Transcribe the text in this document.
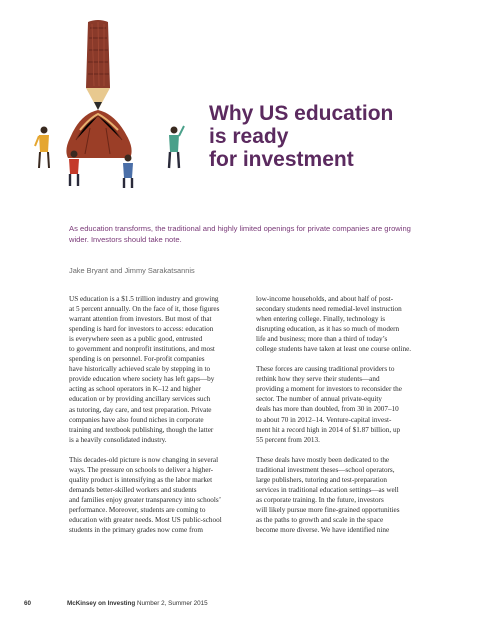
Why US education
is ready
for investment
As education transforms, the traditional and highly limited openings for private companies are growing
wider. Investors should take note.
Jake Bryant and Jimmy Sarakatsannis
US education is a $1.5 trillion industry and growing
at 5 percent annually. On the face of it, those figures
warrant attention from investors. But most of that
spending is hard for investors to access: education
is everywhere seen as a public good, entrusted
to government and nonprofit institutions, and most
spending is on personnel. For-profit companies
have historically achieved scale by stepping in to
provide education where society has left gaps—by
acting as school operators in K–12 and higher
education or by providing ancillary services such
as tutoring, day care, and test preparation. Private
companies have also found niches in corporate
training and textbook publishing, though the latter
is a heavily consolidated industry.
This decades-old picture is now changing in several
ways. The pressure on schools to deliver a higher-
quality product is intensifying as the labor market
demands better-skilled workers and students
and families enjoy greater transparency into schools’
performance. Moreover, students are coming to
education with greater needs. Most US public-school
students in the primary grades now come from
low-income households, and about half of post-
secondary students need remedial-level instruction
when entering college. Finally, technology is
disrupting education, as it has so much of modern
life and business; more than a third of today’s
college students have taken at least one course online.
These forces are causing traditional providers to
rethink how they serve their students—and
providing a moment for investors to reconsider the
sector. The number of annual private-equity
deals has more than doubled, from 30 in 2007–10
to about 70 in 2012–14. Venture-capital invest-
ment hit a record high in 2014 of $1.87 billion, up
55 percent from 2013.
These deals have mostly been dedicated to the
traditional investment theses—school operators,
large publishers, tutoring and test-preparation
services in traditional education settings—as well
as corporate training. In the future, investors
will likely pursue more fine-grained opportunities
as the paths to growth and scale in the space
become more diverse. We have identified nine
60	McKinsey on Investing Number 2, Summer 2015
